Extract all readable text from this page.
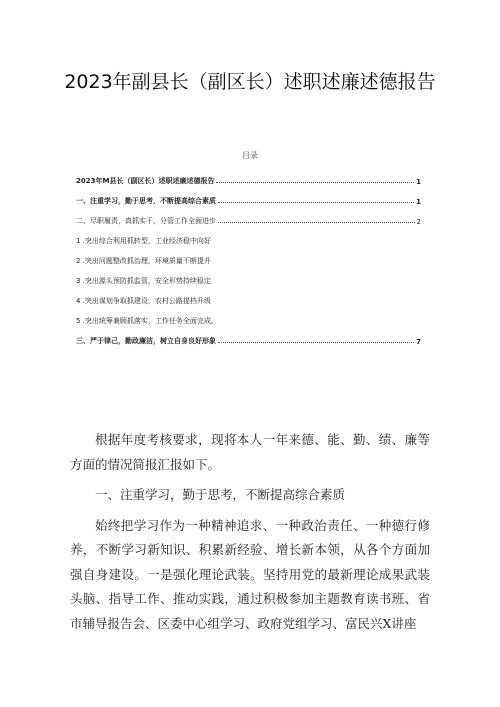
2023年副县长（副区长）述职述廉述德报告
目录
2023年M县长（副区长）述职述廉述德报告	1
一、注重学习，勤于思考，不断提高综合素质	1
二、尽职履责，真抓实干，分管工作全面进步	2
1 .突出综合利用抓转型，工业经济稳中向好
2 .突出问题整改抓治理，环境质量不断提升
3 .突出源头预防抓监管，安全形势持续稳定
4 .突出谋划争取抓建设，农村公路提档升级
5 .突出统筹兼顾抓落实，工作任务全面完成。
三、严于律己，勤政廉洁，树立自身良好形象	7

根据年度考核要求，现将本人一年来德、能、勤、绩、廉等方面的情况简报汇报如下。

一、注重学习，勤于思考，不断提高综合素质

始终把学习作为一种精神追求、一种政治责任、一种德行修养，不断学习新知识、积累新经验、增长新本领，从各个方面加强自身建设。一是强化理论武装。坚持用党的最新理论成果武装头脑、指导工作、推动实践，通过积极参加主题教育读书班、省市辅导报告会、区委中心组学习、政府党组学习、富民兴X讲座
